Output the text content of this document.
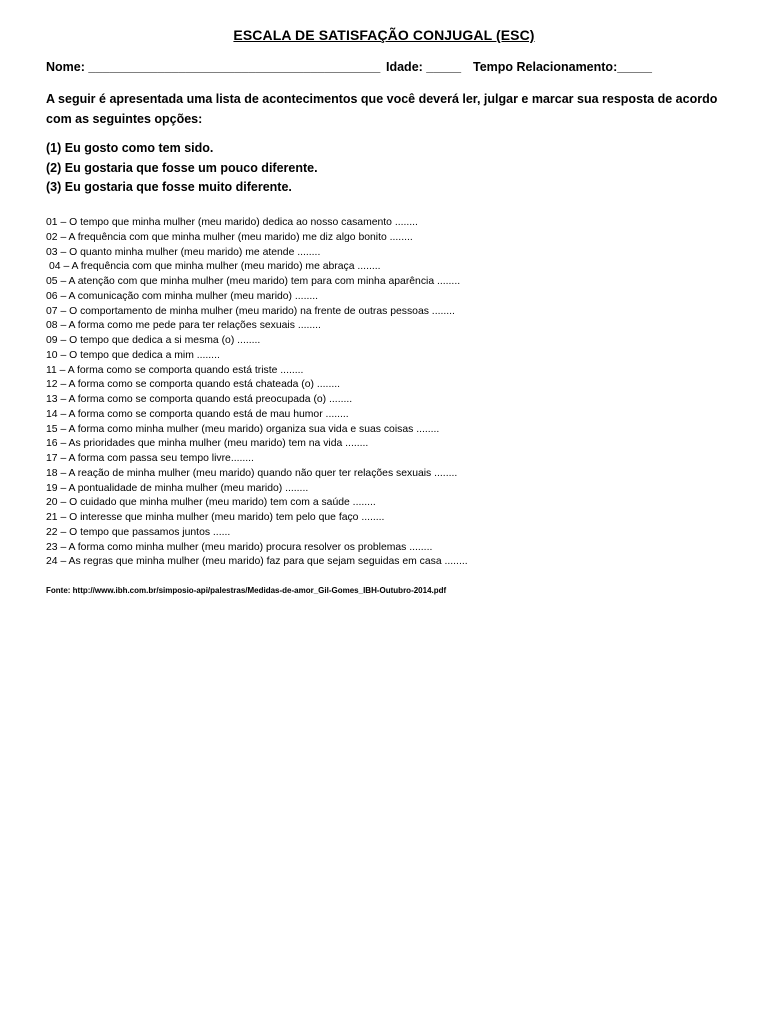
ESCALA DE SATISFAÇÃO CONJUGAL (ESC)
Nome: __________________________________________ Idade: _____ Tempo Relacionamento:_____
A seguir é apresentada uma lista de acontecimentos que você deverá ler, julgar e marcar sua resposta de acordo com as seguintes opções:
(1) Eu gosto como tem sido.
(2) Eu gostaria que fosse um pouco diferente.
(3) Eu gostaria que fosse muito diferente.
01 – O tempo que minha mulher (meu marido) dedica ao nosso casamento ........
02 – A frequência com que minha mulher (meu marido) me diz algo bonito ........
03 – O quanto minha mulher (meu marido) me atende ........
04 – A frequência com que minha mulher (meu marido) me abraça ........
05 – A atenção com que minha mulher (meu marido) tem para com minha aparência ........
06 – A comunicação com minha mulher (meu marido) ........
07 – O comportamento de minha mulher (meu marido) na frente de outras pessoas ........
08 – A forma como me pede para ter relações sexuais ........
09 – O tempo que dedica a si mesma (o) ........
10 – O tempo que dedica a mim ........
11 – A forma como se comporta quando está triste ........
12 – A forma como se comporta quando está chateada (o) ........
13 – A forma como se comporta quando está preocupada (o) ........
14 – A forma como se comporta quando está de mau humor ........
15 – A forma como minha mulher (meu marido) organiza sua vida e suas coisas ........
16 – As prioridades que minha mulher (meu marido) tem na vida ........
17 – A forma com passa seu tempo livre........
18 – A reação de minha mulher (meu marido) quando não quer ter relações sexuais ........
19 – A pontualidade de minha mulher (meu marido) ........
20 – O cuidado que minha mulher (meu marido) tem com a saúde ........
21 – O interesse que minha mulher (meu marido) tem pelo que faço ........
22 – O tempo que passamos juntos ......
23 – A forma como minha mulher (meu marido) procura resolver os problemas ........
24 – As regras que minha mulher (meu marido) faz para que sejam seguidas em casa ........
Fonte: http://www.ibh.com.br/simposio-api/palestras/Medidas-de-amor_Gil-Gomes_IBH-Outubro-2014.pdf
